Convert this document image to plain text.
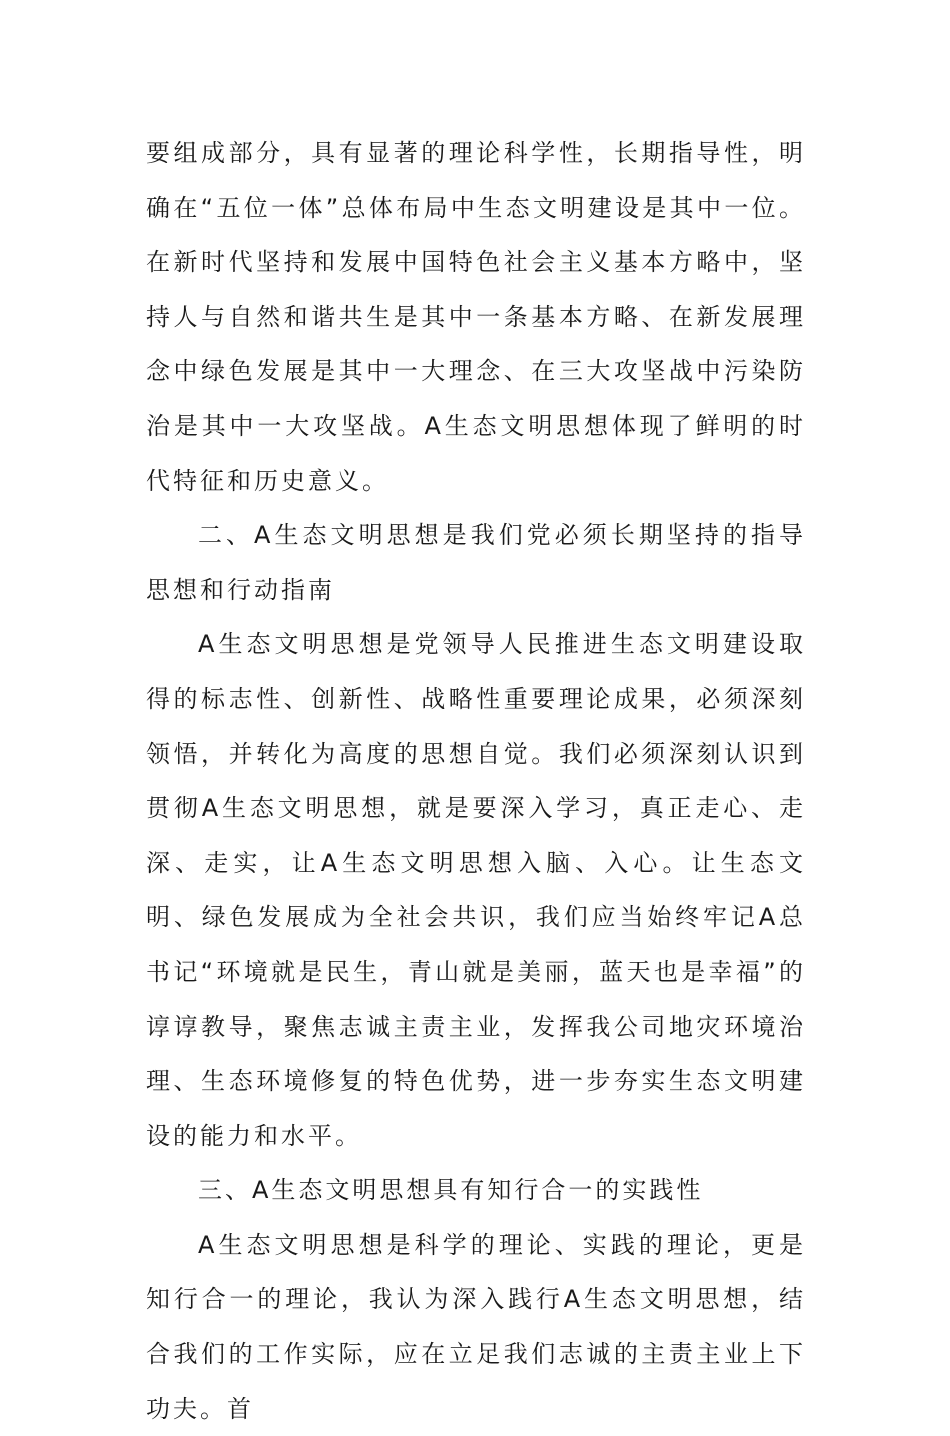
要组成部分，具有显著的理论科学性，长期指导性，明确在“五位一体”总体布局中生态文明建设是其中一位。在新时代坚持和发展中国特色社会主义基本方略中，坚持人与自然和谐共生是其中一条基本方略、在新发展理念中绿色发展是其中一大理念、在三大攻坚战中污染防治是其中一大攻坚战。A生态文明思想体现了鲜明的时代特征和历史意义。

二、A生态文明思想是我们党必须长期坚持的指导思想和行动指南

A生态文明思想是党领导人民推进生态文明建设取得的标志性、创新性、战略性重要理论成果，必须深刻领悟，并转化为高度的思想自觉。我们必须深刻认识到贯彻A生态文明思想，就是要深入学习，真正走心、走深、走实，让A生态文明思想入脑、入心。让生态文明、绿色发展成为全社会共识，我们应当始终牢记A总书记“环境就是民生，青山就是美丽，蓝天也是幸福”的谆谆教导，聚焦志诚主责主业，发挥我公司地灾环境治理、生态环境修复的特色优势，进一步夯实生态文明建设的能力和水平。

三、A生态文明思想具有知行合一的实践性

A生态文明思想是科学的理论、实践的理论，更是知行合一的理论，我认为深入践行A生态文明思想，结合我们的工作实际，应在立足我们志诚的主责主业上下功夫。首
